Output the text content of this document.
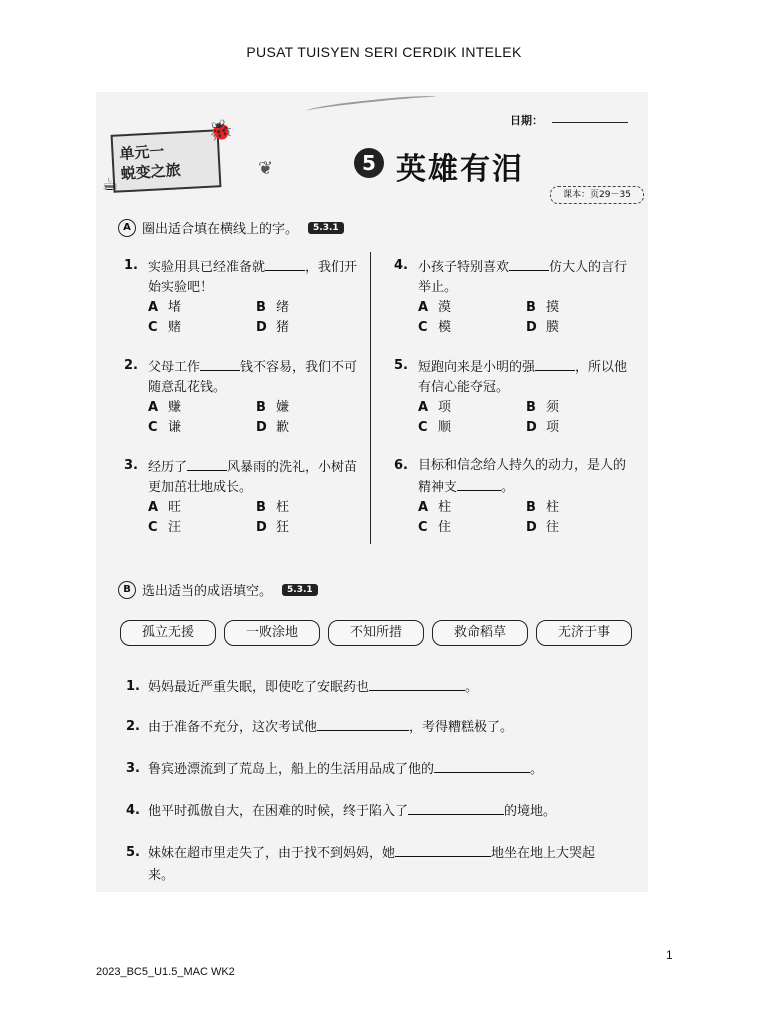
PUSAT TUISYEN SERI CERDIK INTELEK
单元一
蜕变之旅
☕
🐞
❦
日期：
5 英雄有泪
课本：页29－35
A 圈出适合填在横线上的字。	5.3.1
1. 实验用具已经准备就	，我们开始实验吧！
A 堵	B 绪
C 赌	D 猪
2. 父母工作	钱不容易，我们不可随意乱花钱。
A 赚	B 嫌
C 谦	D 歉
3. 经历了	风暴雨的洗礼，小树苗更加茁壮地成长。
A 旺	B 枉
C 汪	D 狂
4. 小孩子特别喜欢	仿大人的言行举止。
A 漠	B 摸
C 模	D 膜
5. 短跑向来是小明的强	，所以他有信心能夺冠。
A 项	B 须
C 顺	D 项
6. 目标和信念给人持久的动力，是人的精神支	。
A 柱	B 柱
C 住	D 往
B 选出适当的成语填空。	5.3.1
孤立无援	一败涂地	不知所措	救命稻草	无济于事
1. 妈妈最近严重失眠，即使吃了安眠药也	。
2. 由于准备不充分，这次考试他	，考得糟糕极了。
3. 鲁宾逊漂流到了荒岛上，船上的生活用品成了他的	。
4. 他平时孤傲自大，在困难的时候，终于陷入了	的境地。
5. 妹妹在超市里走失了，由于找不到妈妈，她	地坐在地上大哭起来。
1
2023_BC5_U1.5_MAC WK2
